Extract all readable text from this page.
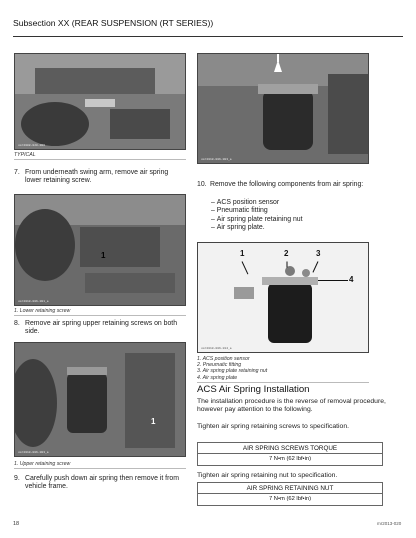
Subsection XX (REAR SUSPENSION (RT SERIES))
vmr2008-020-006
TYPICAL
7. From underneath swing arm, remove air spring lower retaining screw.
1
vmr2010-006-001_a
1. Lower retaining screw
8. Remove air spring upper retaining screws on both side.
1
vmr2010-006-003_a
1. Upper retaining screw
9. Carefully push down air spring then remove it from vehicle frame.
vmr2010-006-003_a
10. Remove the following components from air spring:
– ACS position sensor
– Pneumatic fitting
– Air spring plate retaining nut
– Air spring plate.
1	2	3
4
vmr2010-006-014_a
1. ACS position sensor
2. Pneumatic fitting
3. Air spring plate retaining nut
4. Air spring plate
ACS Air Spring Installation
The installation procedure is the reverse of removal procedure, however pay attention to the following.
Tighten air spring retaining screws to specification.
AIR SPRING SCREWS TORQUE
7 N•m (62 lbf•in)
Tighten air spring retaining nut to specification.
AIR SPRING RETAINING NUT
7 N•m (62 lbf•in)
18	mr2013-020
